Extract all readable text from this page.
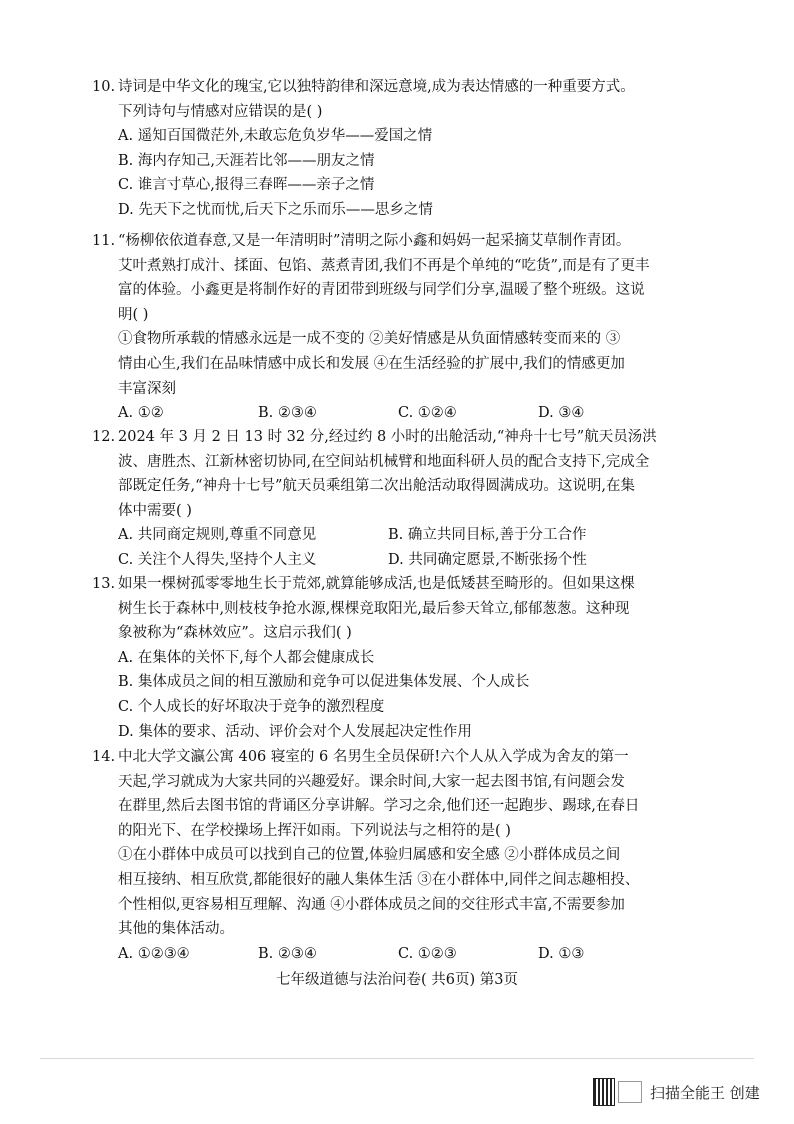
10. 诗词是中华文化的瑰宝,它以独特韵律和深远意境,成为表达情感的一种重要方式。
下列诗句与情感对应错误的是( )
A. 遥知百国微茫外,未敢忘危负岁华——爱国之情
B. 海内存知己,天涯若比邻——朋友之情
C. 谁言寸草心,报得三春晖——亲子之情
D. 先天下之忧而忧,后天下之乐而乐——思乡之情
11. “杨柳依依道春意,又是一年清明时”清明之际小鑫和妈妈一起采摘艾草制作青团。
艾叶煮熟打成汁、揉面、包馅、蒸煮青团,我们不再是个单纯的“吃货”,而是有了更丰
富的体验。小鑫更是将制作好的青团带到班级与同学们分享,温暖了整个班级。这说
明( )
①食物所承载的情感永远是一成不变的 ②美好情感是从负面情感转变而来的 ③
情由心生,我们在品味情感中成长和发展 ④在生活经验的扩展中,我们的情感更加
丰富深刻
A. ①②	B. ②③④	C. ①②④	D. ③④
12. 2024 年 3 月 2 日 13 时 32 分,经过约 8 小时的出舱活动,“神舟十七号”航天员汤洪
波、唐胜杰、江新林密切协同,在空间站机械臂和地面科研人员的配合支持下,完成全
部既定任务,“神舟十七号”航天员乘组第二次出舱活动取得圆满成功。这说明,在集
体中需要( )
A. 共同商定规则,尊重不同意见	B. 确立共同目标,善于分工合作
C. 关注个人得失,坚持个人主义	D. 共同确定愿景,不断张扬个性
13. 如果一棵树孤零零地生长于荒郊,就算能够成活,也是低矮甚至畸形的。但如果这棵
树生长于森林中,则枝枝争抢水源,棵棵竞取阳光,最后参天耸立,郁郁葱葱。这种现
象被称为“森林效应”。这启示我们( )
A. 在集体的关怀下,每个人都会健康成长
B. 集体成员之间的相互激励和竞争可以促进集体发展、个人成长
C. 个人成长的好坏取决于竞争的激烈程度
D. 集体的要求、活动、评价会对个人发展起决定性作用
14. 中北大学文瀛公寓 406 寝室的 6 名男生全员保研!六个人从入学成为舍友的第一
天起,学习就成为大家共同的兴趣爱好。课余时间,大家一起去图书馆,有问题会发
在群里,然后去图书馆的背诵区分享讲解。学习之余,他们还一起跑步、踢球,在春日
的阳光下、在学校操场上挥汗如雨。下列说法与之相符的是( )
①在小群体中成员可以找到自己的位置,体验归属感和安全感 ②小群体成员之间
相互接纳、相互欣赏,都能很好的融人集体生活 ③在小群体中,同伴之间志趣相投、
个性相似,更容易相互理解、沟通 ④小群体成员之间的交往形式丰富,不需要参加
其他的集体活动。
A. ①②③④	B. ②③④	C. ①②③	D. ①③
七年级道德与法治问卷( 共6页) 第3页
扫描全能王 创建
